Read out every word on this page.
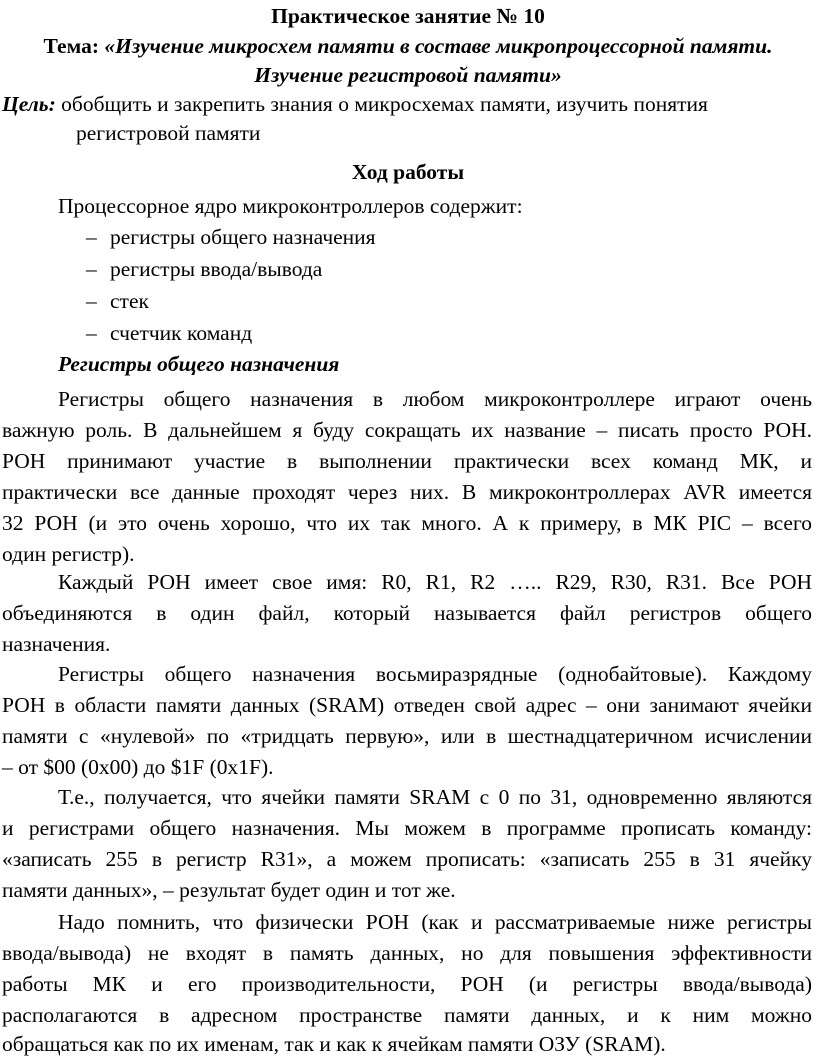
Практическое занятие № 10
Тема: «Изучение микросхем памяти в составе микропроцессорной памяти.
Изучение регистровой памяти»
Цель: обобщить и закрепить знания о микросхемах памяти, изучить понятия
регистровой памяти
Ход работы
Процессорное ядро микроконтроллеров содержит:
– регистры общего назначения
– регистры ввода/вывода
– стек
– счетчик команд
Регистры общего назначения
Регистры общего назначения в любом микроконтроллере играют очень
важную роль. В дальнейшем я буду сокращать их название – писать просто РОН.
РОН принимают участие в выполнении практически всех команд МК, и
практически все данные проходят через них. В микроконтроллерах AVR имеется
32 РОН (и это очень хорошо, что их так много. А к примеру, в МК PIC – всего
один регистр).
Каждый РОН имеет свое имя: R0, R1, R2 ….. R29, R30, R31. Все РОН
объединяются в один файл, который называется файл регистров общего
назначения.
Регистры общего назначения восьмиразрядные (однобайтовые). Каждому
РОН в области памяти данных (SRAM) отведен свой адрес – они занимают ячейки
памяти с «нулевой» по «тридцать первую», или в шестнадцатеричном исчислении
– от $00 (0x00) до $1F (0x1F).
Т.е., получается, что ячейки памяти SRAM с 0 по 31, одновременно являются
и регистрами общего назначения. Мы можем в программе прописать команду:
«записать 255 в регистр R31», а можем прописать: «записать 255 в 31 ячейку
памяти данных», – результат будет один и тот же.
Надо помнить, что физически РОН (как и рассматриваемые ниже регистры
ввода/вывода) не входят в память данных, но для повышения эффективности
работы МК и его производительности, РОН (и регистры ввода/вывода)
располагаются в адресном пространстве памяти данных, и к ним можно
обращаться как по их именам, так и как к ячейкам памяти ОЗУ (SRAM).
